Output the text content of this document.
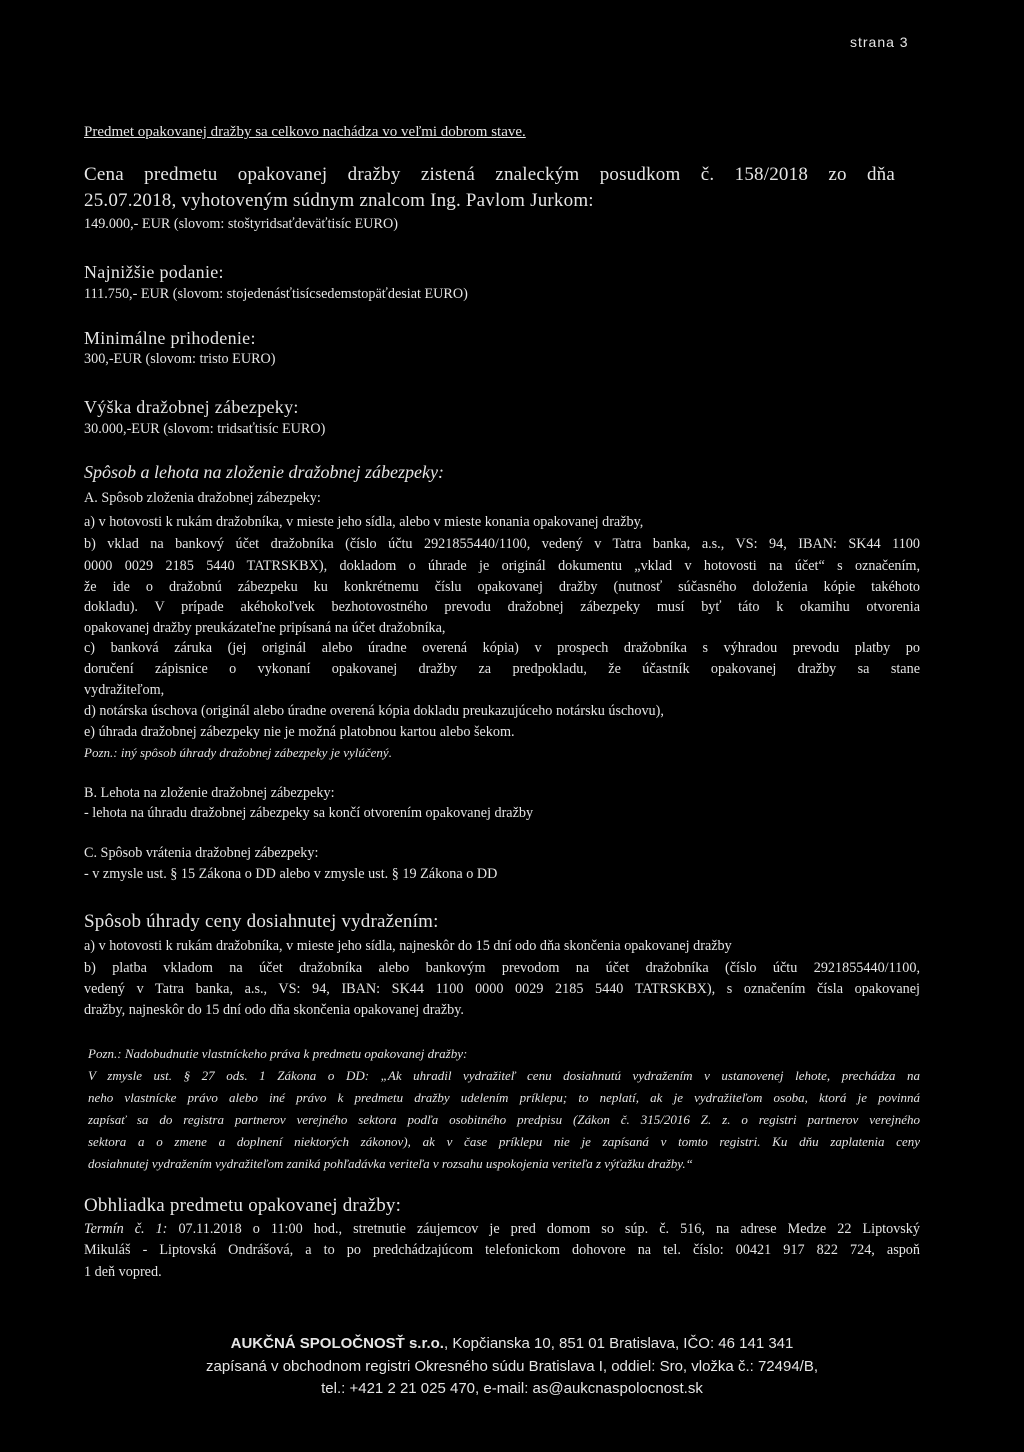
strana 3
Predmet opakovanej dražby sa celkovo nachádza vo veľmi dobrom stave.
Cena predmetu opakovanej dražby zistená znaleckým posudkom č. 158/2018 zo dňa
25.07.2018, vyhotoveným súdnym znalcom Ing. Pavlom Jurkom:
149.000,- EUR (slovom: stoštyridsaťdeväťtisíc EURO)
Najnižšie podanie:
111.750,- EUR (slovom: stojedenásťtisícsedemstopäťdesiat EURO)
Minimálne prihodenie:
300,-EUR (slovom: tristo EURO)
Výška dražobnej zábezpeky:
30.000,-EUR (slovom: tridsaťtisíc EURO)
Spôsob a lehota na zloženie dražobnej zábezpeky:
A. Spôsob zloženia dražobnej zábezpeky:
a) v hotovosti k rukám dražobníka, v mieste jeho sídla, alebo v mieste konania opakovanej dražby,
b) vklad na bankový účet dražobníka (číslo účtu 2921855440/1100, vedený v Tatra banka, a.s., VS: 94, IBAN: SK44 1100
0000 0029 2185 5440 TATRSKBX), dokladom o úhrade je originál dokumentu „vklad v hotovosti na účet“ s označením,
že ide o dražobnú zábezpeku ku konkrétnemu číslu opakovanej dražby (nutnosť súčasného doloženia kópie takéhoto
dokladu). V prípade akéhokoľvek bezhotovostného prevodu dražobnej zábezpeky musí byť táto k okamihu otvorenia
opakovanej dražby preukázateľne pripísaná na účet dražobníka,
c) banková záruka (jej originál alebo úradne overená kópia) v prospech dražobníka s výhradou prevodu platby po
doručení zápisnice o vykonaní opakovanej dražby za predpokladu, že účastník opakovanej dražby sa stane
vydražiteľom,
d) notárska úschova (originál alebo úradne overená kópia dokladu preukazujúceho notársku úschovu),
e) úhrada dražobnej zábezpeky nie je možná platobnou kartou alebo šekom.
Pozn.: iný spôsob úhrady dražobnej zábezpeky je vylúčený.
B. Lehota na zloženie dražobnej zábezpeky:
- lehota na úhradu dražobnej zábezpeky sa končí otvorením opakovanej dražby
C. Spôsob vrátenia dražobnej zábezpeky:
- v zmysle ust. § 15 Zákona o DD alebo v zmysle ust. § 19 Zákona o DD
Spôsob úhrady ceny dosiahnutej vydražením:
a) v hotovosti k rukám dražobníka, v mieste jeho sídla, najneskôr do 15 dní odo dňa skončenia opakovanej dražby
b) platba vkladom na účet dražobníka alebo bankovým prevodom na účet dražobníka (číslo účtu 2921855440/1100,
vedený v Tatra banka, a.s., VS: 94, IBAN: SK44 1100 0000 0029 2185 5440 TATRSKBX), s označením čísla opakovanej
dražby, najneskôr do 15 dní odo dňa skončenia opakovanej dražby.
Pozn.: Nadobudnutie vlastníckeho práva k predmetu opakovanej dražby:
V zmysle ust. § 27 ods. 1 Zákona o DD: „Ak uhradil vydražiteľ cenu dosiahnutú vydražením v ustanovenej lehote, prechádza na
neho vlastnícke právo alebo iné právo k predmetu dražby udelením príklepu; to neplatí, ak je vydražiteľom osoba, ktorá je povinná
zapísať sa do registra partnerov verejného sektora podľa osobitného predpisu (Zákon č. 315/2016 Z. z. o registri partnerov verejného
sektora a o zmene a doplnení niektorých zákonov), ak v čase príklepu nie je zapísaná v tomto registri. Ku dňu zaplatenia ceny
dosiahnutej vydražením vydražiteľom zaniká pohľadávka veriteľa v rozsahu uspokojenia veriteľa z výťažku dražby.“
Obhliadka predmetu opakovanej dražby:
Termín č. 1: 07.11.2018 o 11:00 hod., stretnutie záujemcov je pred domom so súp. č. 516, na adrese Medze 22 Liptovský
Mikuláš - Liptovská Ondrášová, a to po predchádzajúcom telefonickom dohovore na tel. číslo: 00421 917 822 724, aspoň
1 deň vopred.
AUKČNÁ SPOLOČNOSŤ s.r.o., Kopčianska 10, 851 01 Bratislava, IČO: 46 141 341
zapísaná v obchodnom registri Okresného súdu Bratislava I, oddiel: Sro, vložka č.: 72494/B,
tel.: +421 2 21 025 470, e-mail: as@aukcnaspolocnost.sk
